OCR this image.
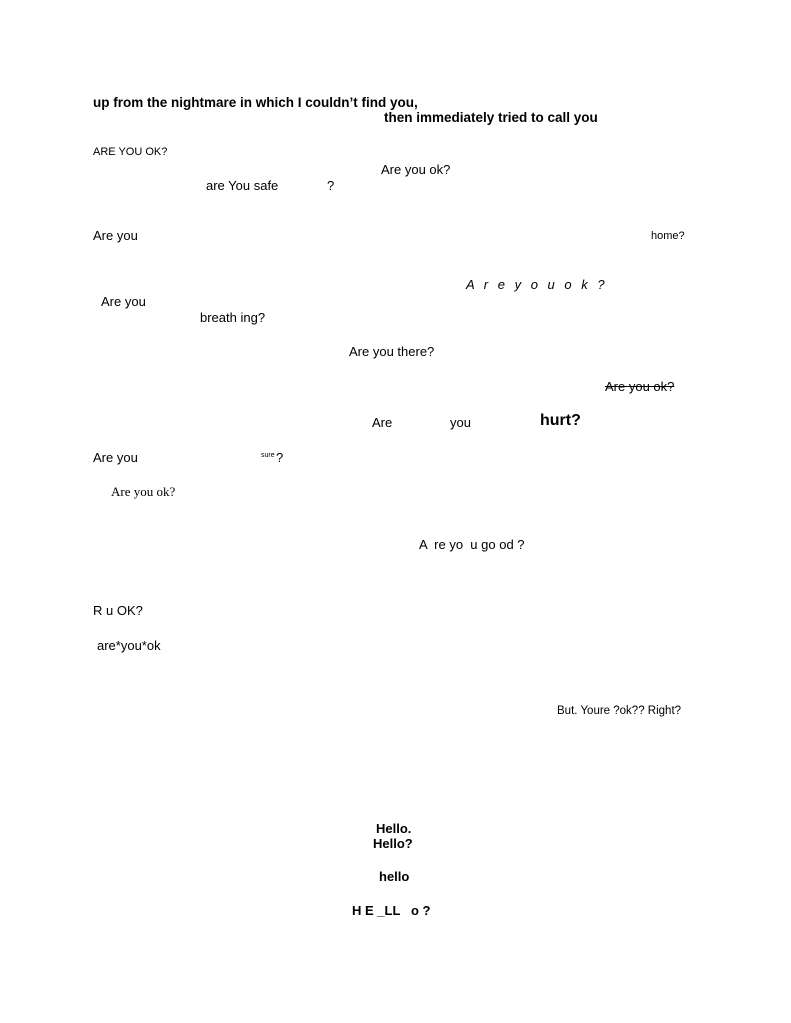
up from the nightmare in which I couldn’t find you,
then immediately tried to call you
ARE YOU OK?
Are you ok?
are You safe	?
Are you	home?
A r e y o u o k ?
Are you
breath ing?
Are you there?
Are you ok?
Are	you	hurt?
Are you	sure ?
Are you ok?
A  re yo  u go od ?
R u OK?
are*you*ok
But. Youre ?ok?? Right?
Hello.
Hello?
hello
H E _LL   o ?
